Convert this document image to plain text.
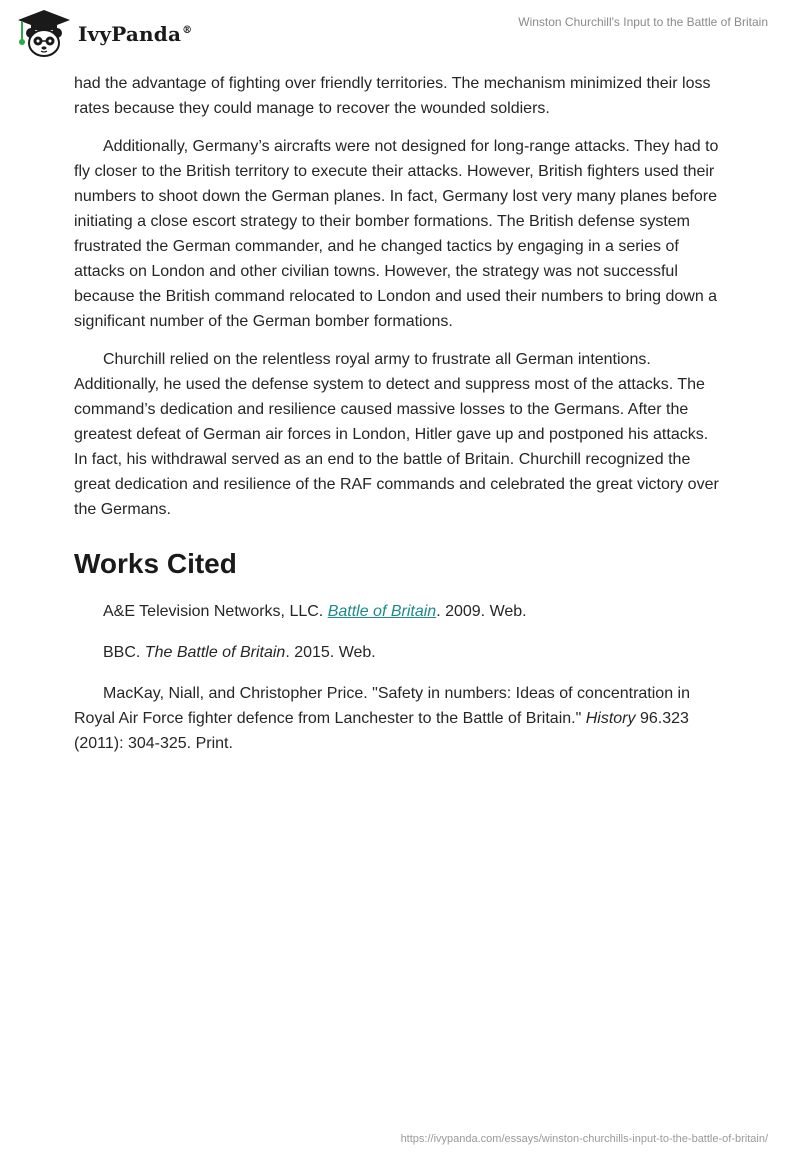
IvyPanda®
Winston Churchill's Input to the Battle of Britain

had the advantage of fighting over friendly territories. The mechanism minimized their loss rates because they could manage to recover the wounded soldiers.

Additionally, Germany’s aircrafts were not designed for long-range attacks. They had to fly closer to the British territory to execute their attacks. However, British fighters used their numbers to shoot down the German planes. In fact, Germany lost very many planes before initiating a close escort strategy to their bomber formations. The British defense system frustrated the German commander, and he changed tactics by engaging in a series of attacks on London and other civilian towns. However, the strategy was not successful because the British command relocated to London and used their numbers to bring down a significant number of the German bomber formations.

Churchill relied on the relentless royal army to frustrate all German intentions. Additionally, he used the defense system to detect and suppress most of the attacks. The command’s dedication and resilience caused massive losses to the Germans. After the greatest defeat of German air forces in London, Hitler gave up and postponed his attacks. In fact, his withdrawal served as an end to the battle of Britain. Churchill recognized the great dedication and resilience of the RAF commands and celebrated the great victory over the Germans.

Works Cited

A&E Television Networks, LLC. Battle of Britain. 2009. Web.

BBC. The Battle of Britain. 2015. Web.

MacKay, Niall, and Christopher Price. "Safety in numbers: Ideas of concentration in Royal Air Force fighter defence from Lanchester to the Battle of Britain." History 96.323 (2011): 304-325. Print.

https://ivypanda.com/essays/winston-churchills-input-to-the-battle-of-britain/
